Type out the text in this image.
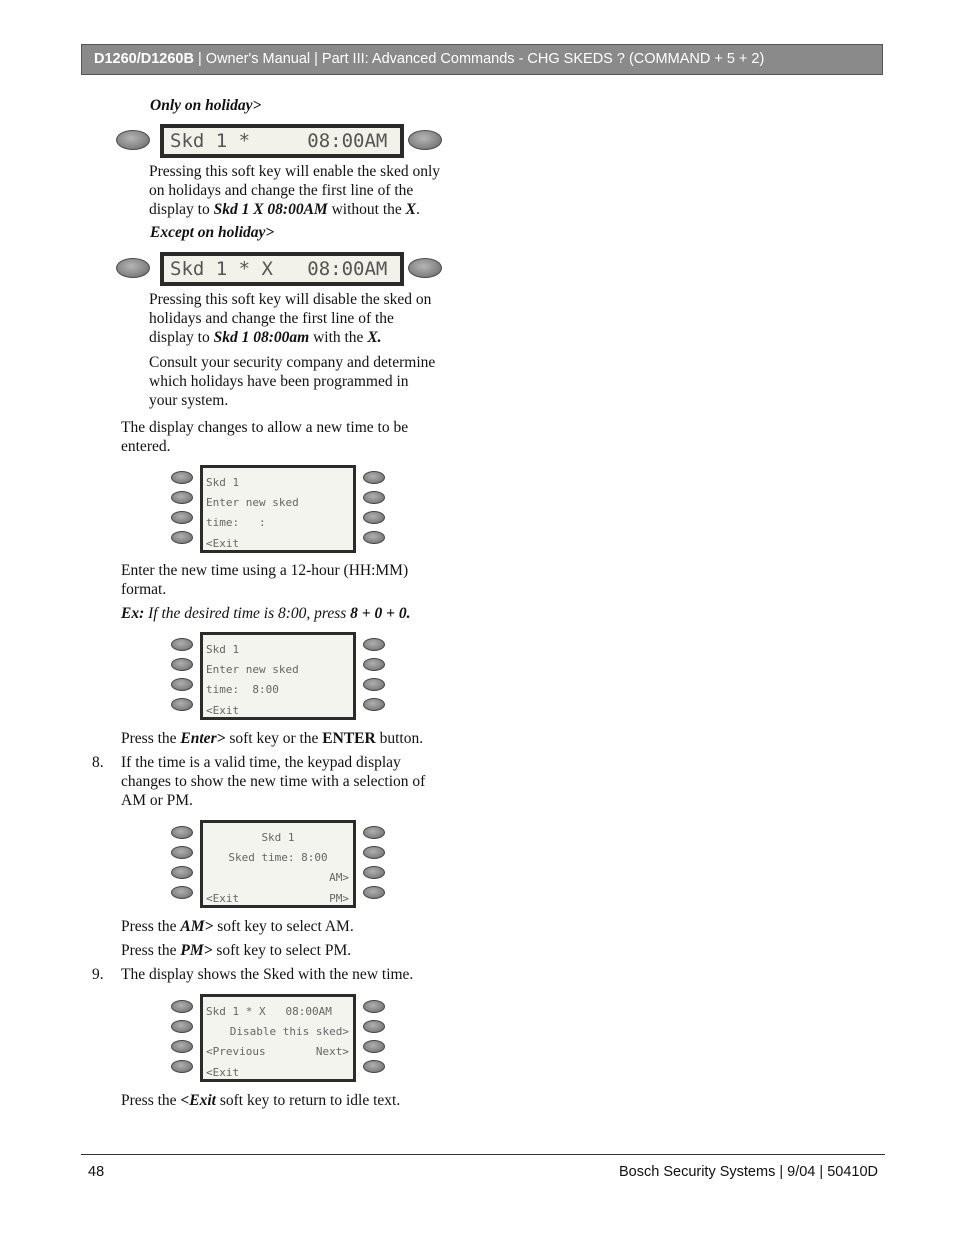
D1260/D1260B | Owner's Manual | Part III: Advanced Commands - CHG SKEDS ? (COMMAND + 5 + 2)
Only on holiday>
Skd 1 *     08:00AM
Pressing this soft key will enable the sked only
on holidays and change the first line of the
display to Skd 1 X 08:00AM without the X.
Except on holiday>
Skd 1 * X   08:00AM
Pressing this soft key will disable the sked on
holidays and change the first line of the
display to Skd 1 08:00am with the X.
Consult your security company and determine
which holidays have been programmed in
your system.
The display changes to allow a new time to be
entered.
Skd 1
Enter new sked
time:   :
<Exit
Enter the new time using a 12-hour (HH:MM)
format.
Ex: If the desired time is 8:00, press 8 + 0 + 0.
Skd 1
Enter new sked
time:  8:00
<Exit
Press the Enter> soft key or the ENTER button.
8. If the time is a valid time, the keypad display
changes to show the new time with a selection of
AM or PM.
Skd 1
Sked time: 8:00
AM>
<Exit	PM>
Press the AM> soft key to select AM.
Press the PM> soft key to select PM.
9. The display shows the Sked with the new time.
Skd 1 * X   08:00AM
Disable this sked>
<Previous	Next>
<Exit
Press the <Exit soft key to return to idle text.
48	Bosch Security Systems | 9/04 | 50410D
